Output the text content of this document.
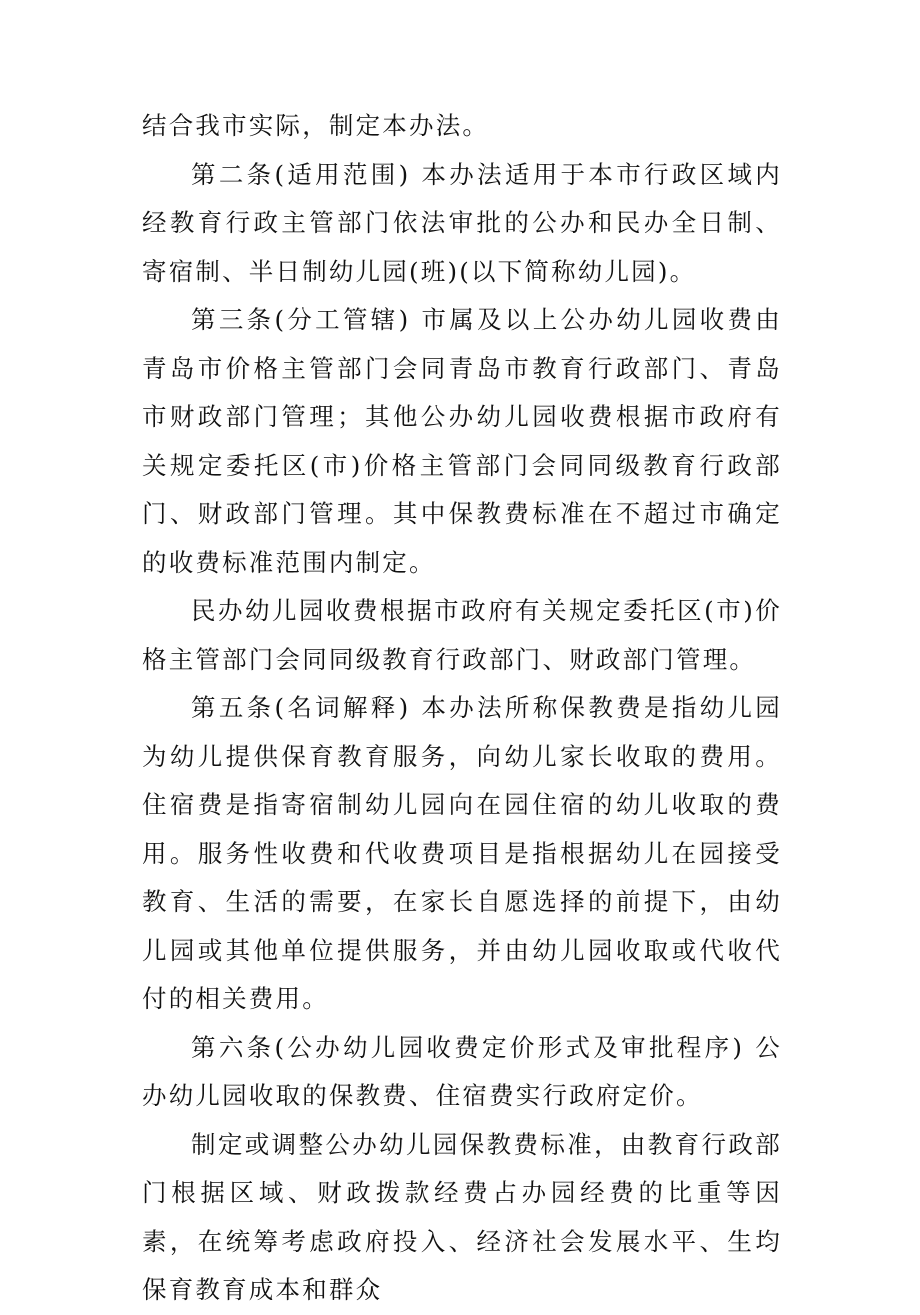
结合我市实际，制定本办法。

第二条(适用范围) 本办法适用于本市行政区域内经教育行政主管部门依法审批的公办和民办全日制、寄宿制、半日制幼儿园(班)(以下简称幼儿园)。

第三条(分工管辖) 市属及以上公办幼儿园收费由青岛市价格主管部门会同青岛市教育行政部门、青岛市财政部门管理；其他公办幼儿园收费根据市政府有关规定委托区(市)价格主管部门会同同级教育行政部门、财政部门管理。其中保教费标准在不超过市确定的收费标准范围内制定。

民办幼儿园收费根据市政府有关规定委托区(市)价格主管部门会同同级教育行政部门、财政部门管理。

第五条(名词解释) 本办法所称保教费是指幼儿园为幼儿提供保育教育服务，向幼儿家长收取的费用。住宿费是指寄宿制幼儿园向在园住宿的幼儿收取的费用。服务性收费和代收费项目是指根据幼儿在园接受教育、生活的需要，在家长自愿选择的前提下，由幼儿园或其他单位提供服务，并由幼儿园收取或代收代付的相关费用。

第六条(公办幼儿园收费定价形式及审批程序) 公办幼儿园收取的保教费、住宿费实行政府定价。

制定或调整公办幼儿园保教费标准，由教育行政部门根据区域、财政拨款经费占办园经费的比重等因素，在统筹考虑政府投入、经济社会发展水平、生均保育教育成本和群众
